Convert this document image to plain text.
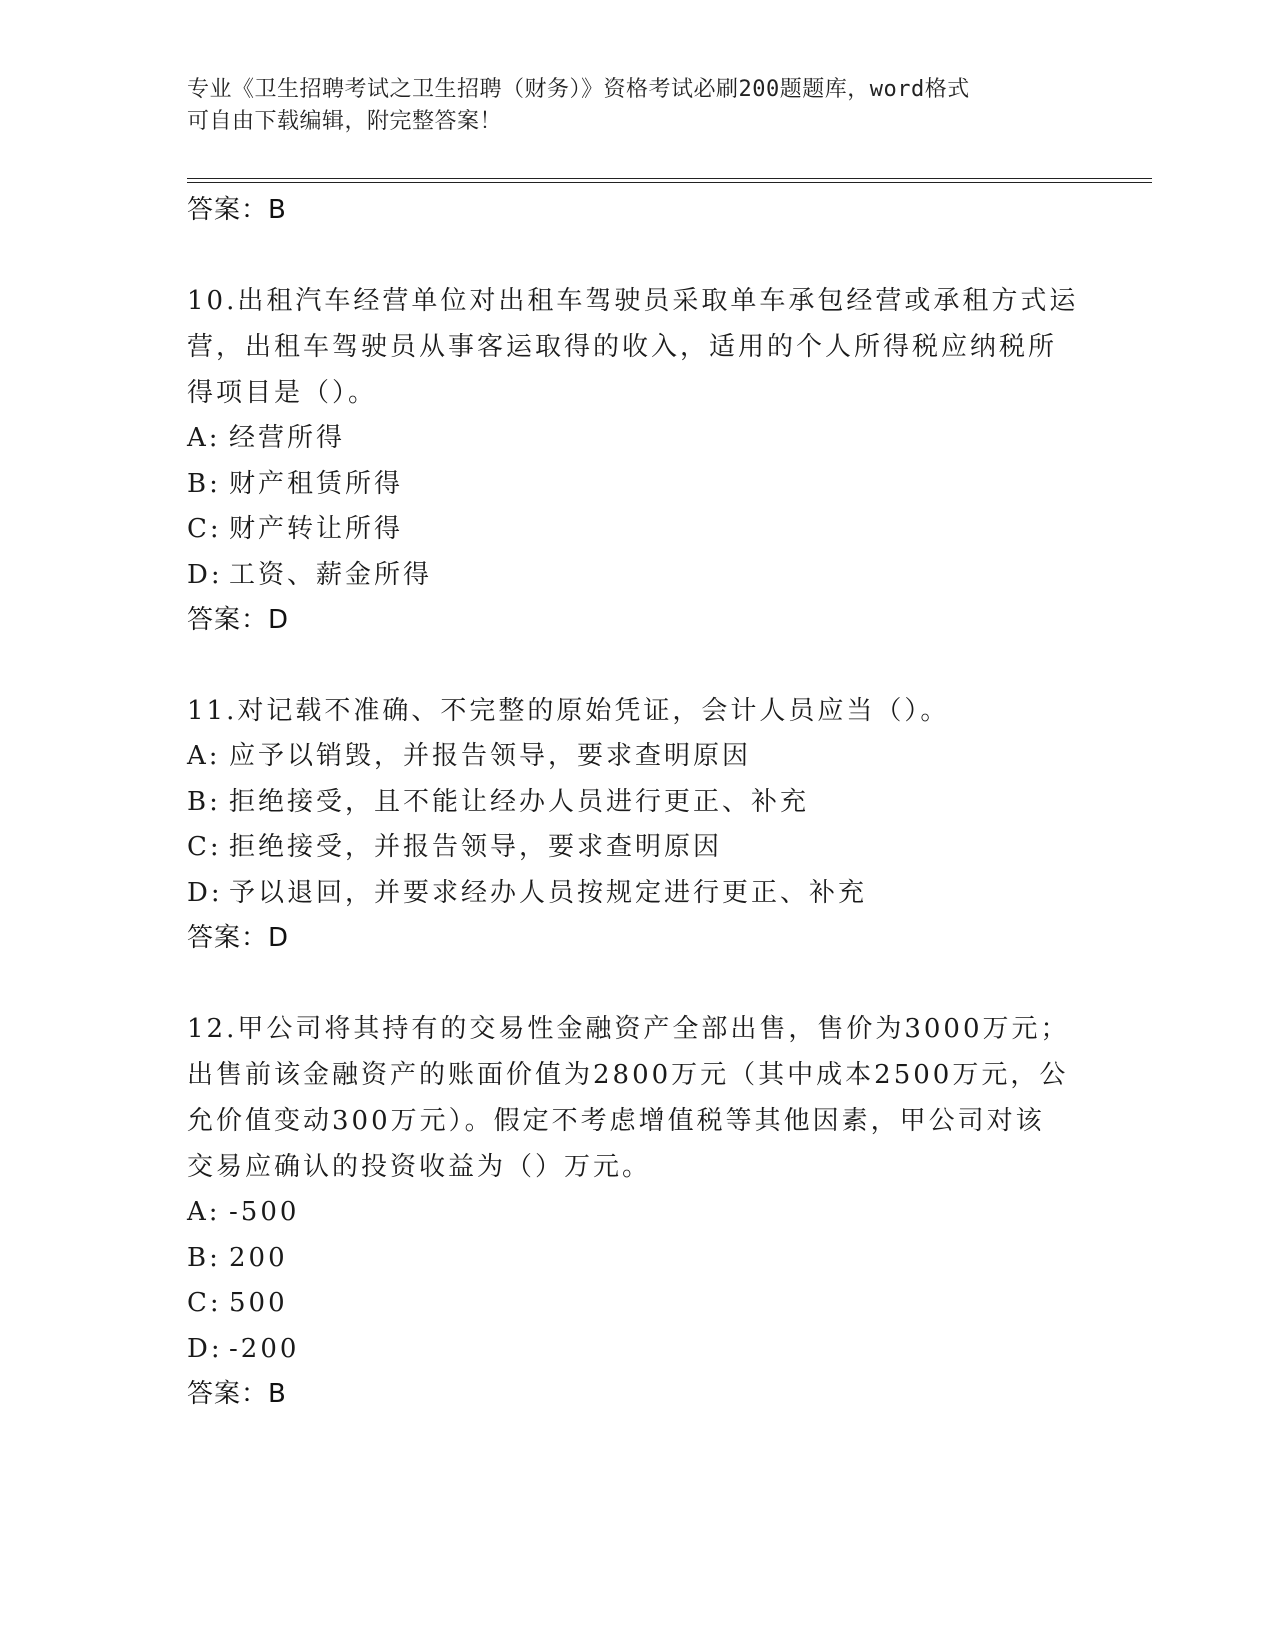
专业《卫生招聘考试之卫生招聘（财务）》资格考试必刷200题题库，word格式
可自由下载编辑，附完整答案！
答案：B
10.出租汽车经营单位对出租车驾驶员采取单车承包经营或承租方式运
营，出租车驾驶员从事客运取得的收入，适用的个人所得税应纳税所
得项目是（）。
A: 经营所得
B: 财产租赁所得
C: 财产转让所得
D: 工资、薪金所得
答案：D
11.对记载不准确、不完整的原始凭证，会计人员应当（）。
A: 应予以销毁，并报告领导，要求查明原因
B: 拒绝接受，且不能让经办人员进行更正、补充
C: 拒绝接受，并报告领导，要求查明原因
D: 予以退回，并要求经办人员按规定进行更正、补充
答案：D
12.甲公司将其持有的交易性金融资产全部出售，售价为3000万元；
出售前该金融资产的账面价值为2800万元（其中成本2500万元，公
允价值变动300万元）。假定不考虑增值税等其他因素，甲公司对该
交易应确认的投资收益为（）万元。
A: -500
B: 200
C: 500
D: -200
答案：B
